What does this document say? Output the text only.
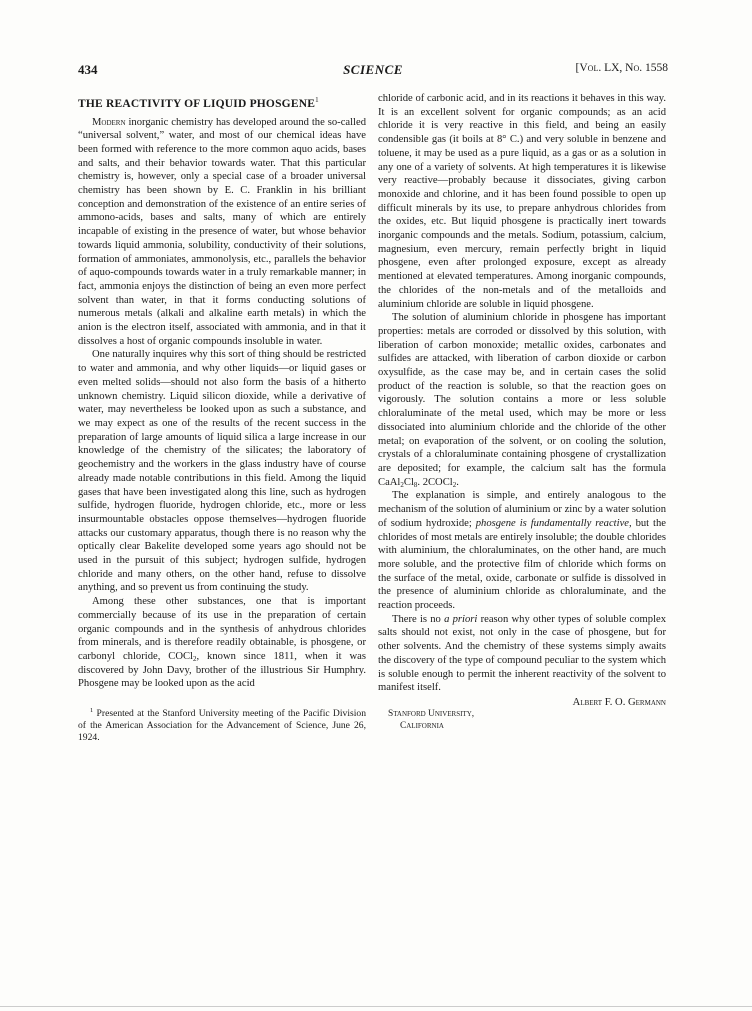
434	SCIENCE	[Vol. LX, No. 1558
THE REACTIVITY OF LIQUID PHOSGENE$^1$

Modern inorganic chemistry has developed around the so-called “universal solvent,” water, and most of our chemical ideas have been formed with reference to the more common aquo acids, bases and salts, and their behavior towards water. That this particular chemistry is, however, only a special case of a broader universal chemistry has been shown by E. C. Franklin in his brilliant conception and demonstration of the existence of an entire series of ammono-acids, bases and salts, many of which are entirely incapable of existing in the presence of water, but whose behavior towards liquid ammonia, solubility, conductivity of their solutions, formation of ammoniates, ammonolysis, etc., parallels the behavior of aquo-compounds towards water in a truly remarkable manner; in fact, ammonia enjoys the distinction of being an even more perfect solvent than water, in that it forms conducting solutions of numerous metals (alkali and alkaline earth metals) in which the anion is the electron itself, associated with ammonia, and in that it dissolves a host of organic compounds insoluble in water.

One naturally inquires why this sort of thing should be restricted to water and ammonia, and why other liquids—or liquid gases or even melted solids—should not also form the basis of a hitherto unknown chemistry. Liquid silicon dioxide, while a derivative of water, may nevertheless be looked upon as such a substance, and we may expect as one of the results of the recent success in the preparation of large amounts of liquid silica a large increase in our knowledge of the chemistry of the silicates; the laboratory of geochemistry and the workers in the glass industry have of course already made notable contributions in this field. Among the liquid gases that have been investigated along this line, such as hydrogen sulfide, hydrogen fluoride, hydrogen chloride, etc., more or less insurmountable obstacles oppose themselves—hydrogen fluoride attacks our customary apparatus, though there is no reason why the optically clear Bakelite developed some years ago should not be used in the pursuit of this subject; hydrogen sulfide, hydrogen chloride and many others, on the other hand, refuse to dissolve anything, and so prevent us from continuing the study.

Among these other substances, one that is important commercially because of its use in the preparation of certain organic compounds and in the synthesis of anhydrous chlorides from minerals, and is therefore readily obtainable, is phosgene, or carbonyl chloride, COCl$_2$, known since 1811, when it was discovered by John Davy, brother of the illustrious Sir Humphry. Phosgene may be looked upon as the acid

$^1$ Presented at the Stanford University meeting of the Pacific Division of the American Association for the Advancement of Science, June 26, 1924.

chloride of carbonic acid, and in its reactions it behaves in this way. It is an excellent solvent for organic compounds; as an acid chloride it is very reactive in this field, and being an easily condensible gas (it boils at 8° C.) and very soluble in benzene and toluene, it may be used as a pure liquid, as a gas or as a solution in any one of a variety of solvents. At high temperatures it is likewise very reactive—probably because it dissociates, giving carbon monoxide and chlorine, and it has been found possible to open up difficult minerals by its use, to prepare anhydrous chlorides from the oxides, etc. But liquid phosgene is practically inert towards inorganic compounds and the metals. Sodium, potassium, calcium, magnesium, even mercury, remain perfectly bright in liquid phosgene, even after prolonged exposure, except as already mentioned at elevated temperatures. Among inorganic compounds, the chlorides of the non-metals and of the metalloids and aluminium chloride are soluble in liquid phosgene.

The solution of aluminium chloride in phosgene has important properties: metals are corroded or dissolved by this solution, with liberation of carbon monoxide; metallic oxides, carbonates and sulfides are attacked, with liberation of carbon dioxide or carbon oxysulfide, as the case may be, and in certain cases the solid product of the reaction is soluble, so that the reaction goes on vigorously. The solution contains a more or less soluble chloraluminate of the metal used, which may be more or less dissociated into aluminium chloride and the chloride of the other metal; on evaporation of the solvent, or on cooling the solution, crystals of a chloraluminate containing phosgene of crystallization are deposited; for example, the calcium salt has the formula $CaAl_2Cl_8$. 2COCl$_2$.

The explanation is simple, and entirely analogous to the mechanism of the solution of aluminium or zinc by a water solution of sodium hydroxide; phosgene is fundamentally reactive, but the chlorides of most metals are entirely insoluble; the double chlorides with aluminium, the chloraluminates, on the other hand, are much more soluble, and the protective film of chloride which forms on the surface of the metal, oxide, carbonate or sulfide is dissolved in the presence of aluminium chloride as chloraluminate, and the reaction proceeds.

There is no a priori reason why other types of soluble complex salts should not exist, not only in the case of phosgene, but for other solvents. And the chemistry of these systems simply awaits the discovery of the type of compound peculiar to the system which is soluble enough to permit the inherent reactivity of the solvent to manifest itself.

Albert F. O. Germann
Stanford University,
California
